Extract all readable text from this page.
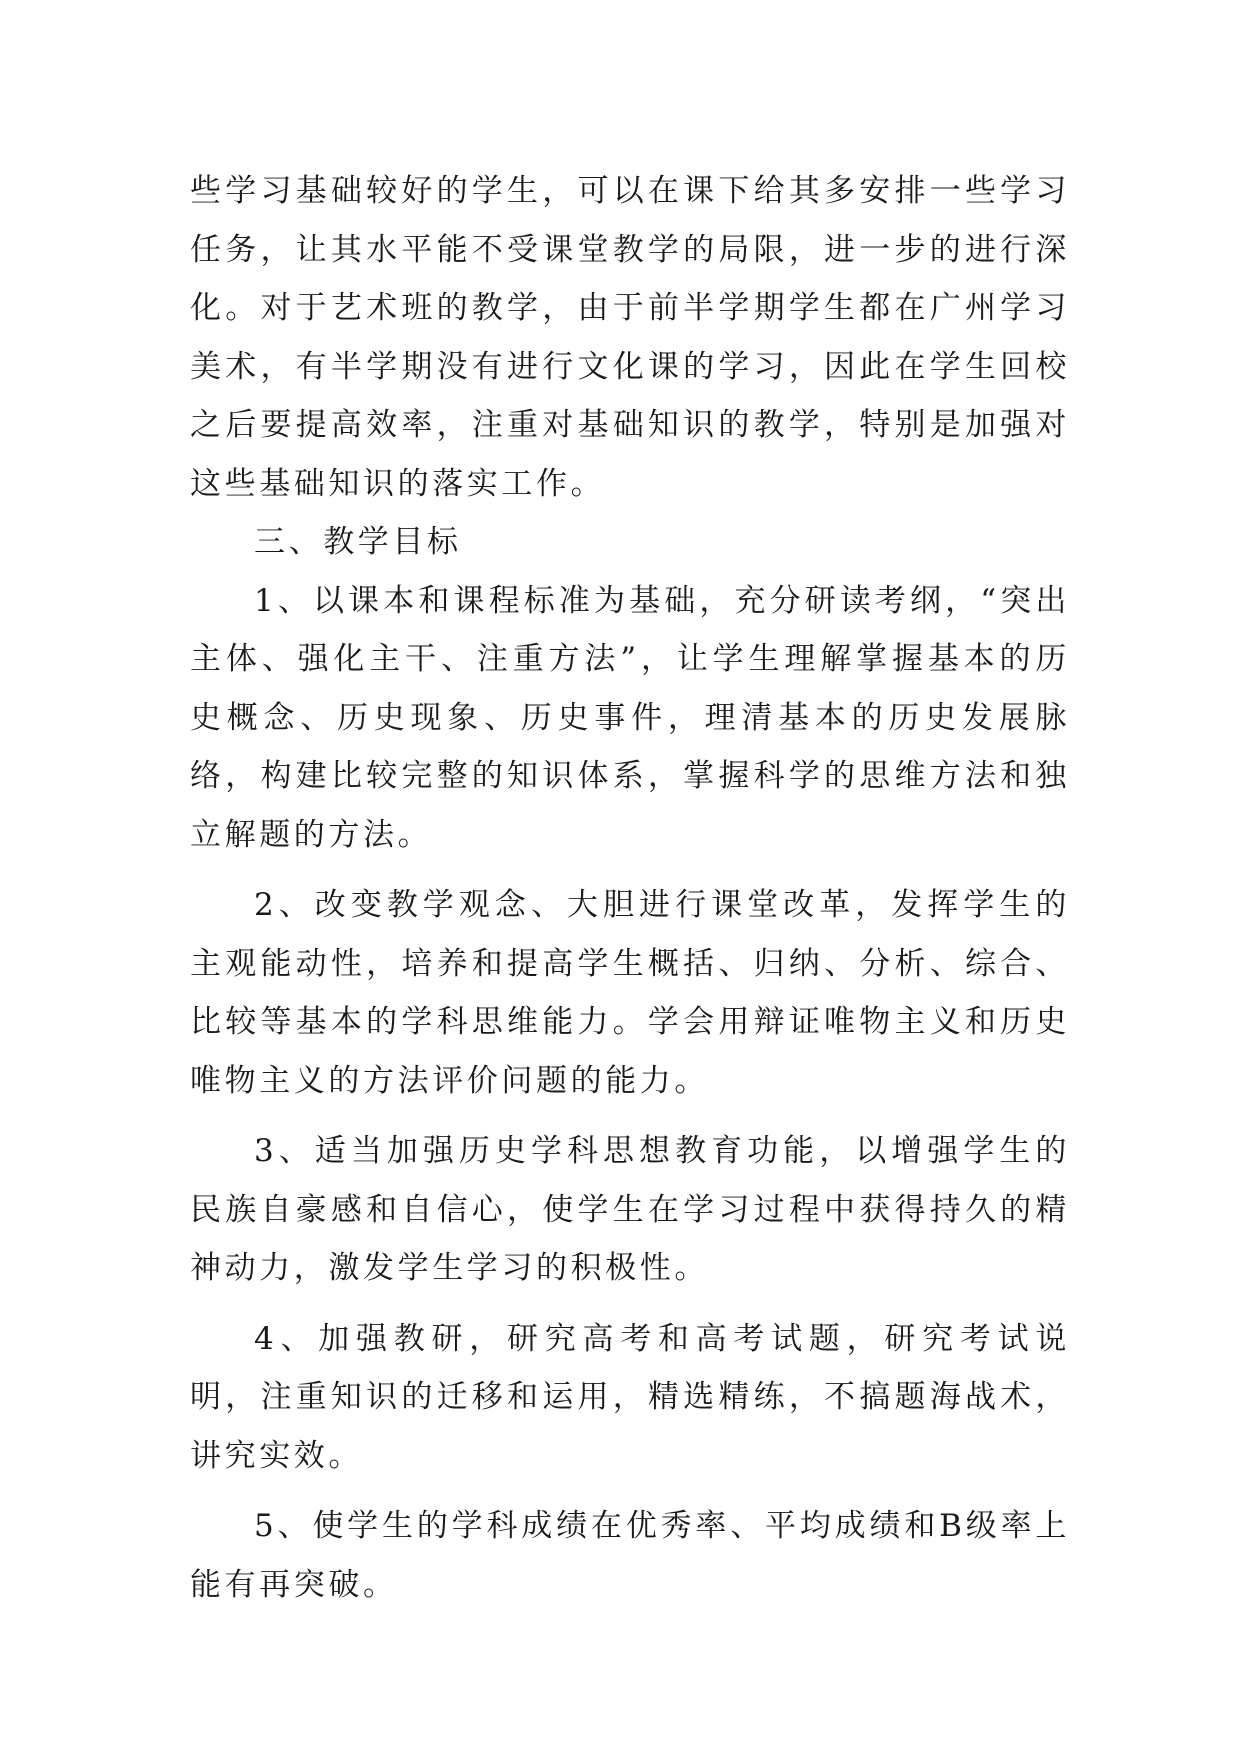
些学习基础较好的学生，可以在课下给其多安排一些学习任务，让其水平能不受课堂教学的局限，进一步的进行深化。对于艺术班的教学，由于前半学期学生都在广州学习美术，有半学期没有进行文化课的学习，因此在学生回校之后要提高效率，注重对基础知识的教学，特别是加强对这些基础知识的落实工作。

三、教学目标

1、以课本和课程标准为基础，充分研读考纲，“突出主体、强化主干、注重方法”，让学生理解掌握基本的历史概念、历史现象、历史事件，理清基本的历史发展脉络，构建比较完整的知识体系，掌握科学的思维方法和独立解题的方法。

2、改变教学观念、大胆进行课堂改革，发挥学生的主观能动性，培养和提高学生概括、归纳、分析、综合、比较等基本的学科思维能力。学会用辩证唯物主义和历史唯物主义的方法评价问题的能力。

3、适当加强历史学科思想教育功能，以增强学生的民族自豪感和自信心，使学生在学习过程中获得持久的精神动力，激发学生学习的积极性。

4、加强教研，研究高考和高考试题，研究考试说明，注重知识的迁移和运用，精选精练，不搞题海战术，讲究实效。

5、使学生的学科成绩在优秀率、平均成绩和B级率上能有再突破。
